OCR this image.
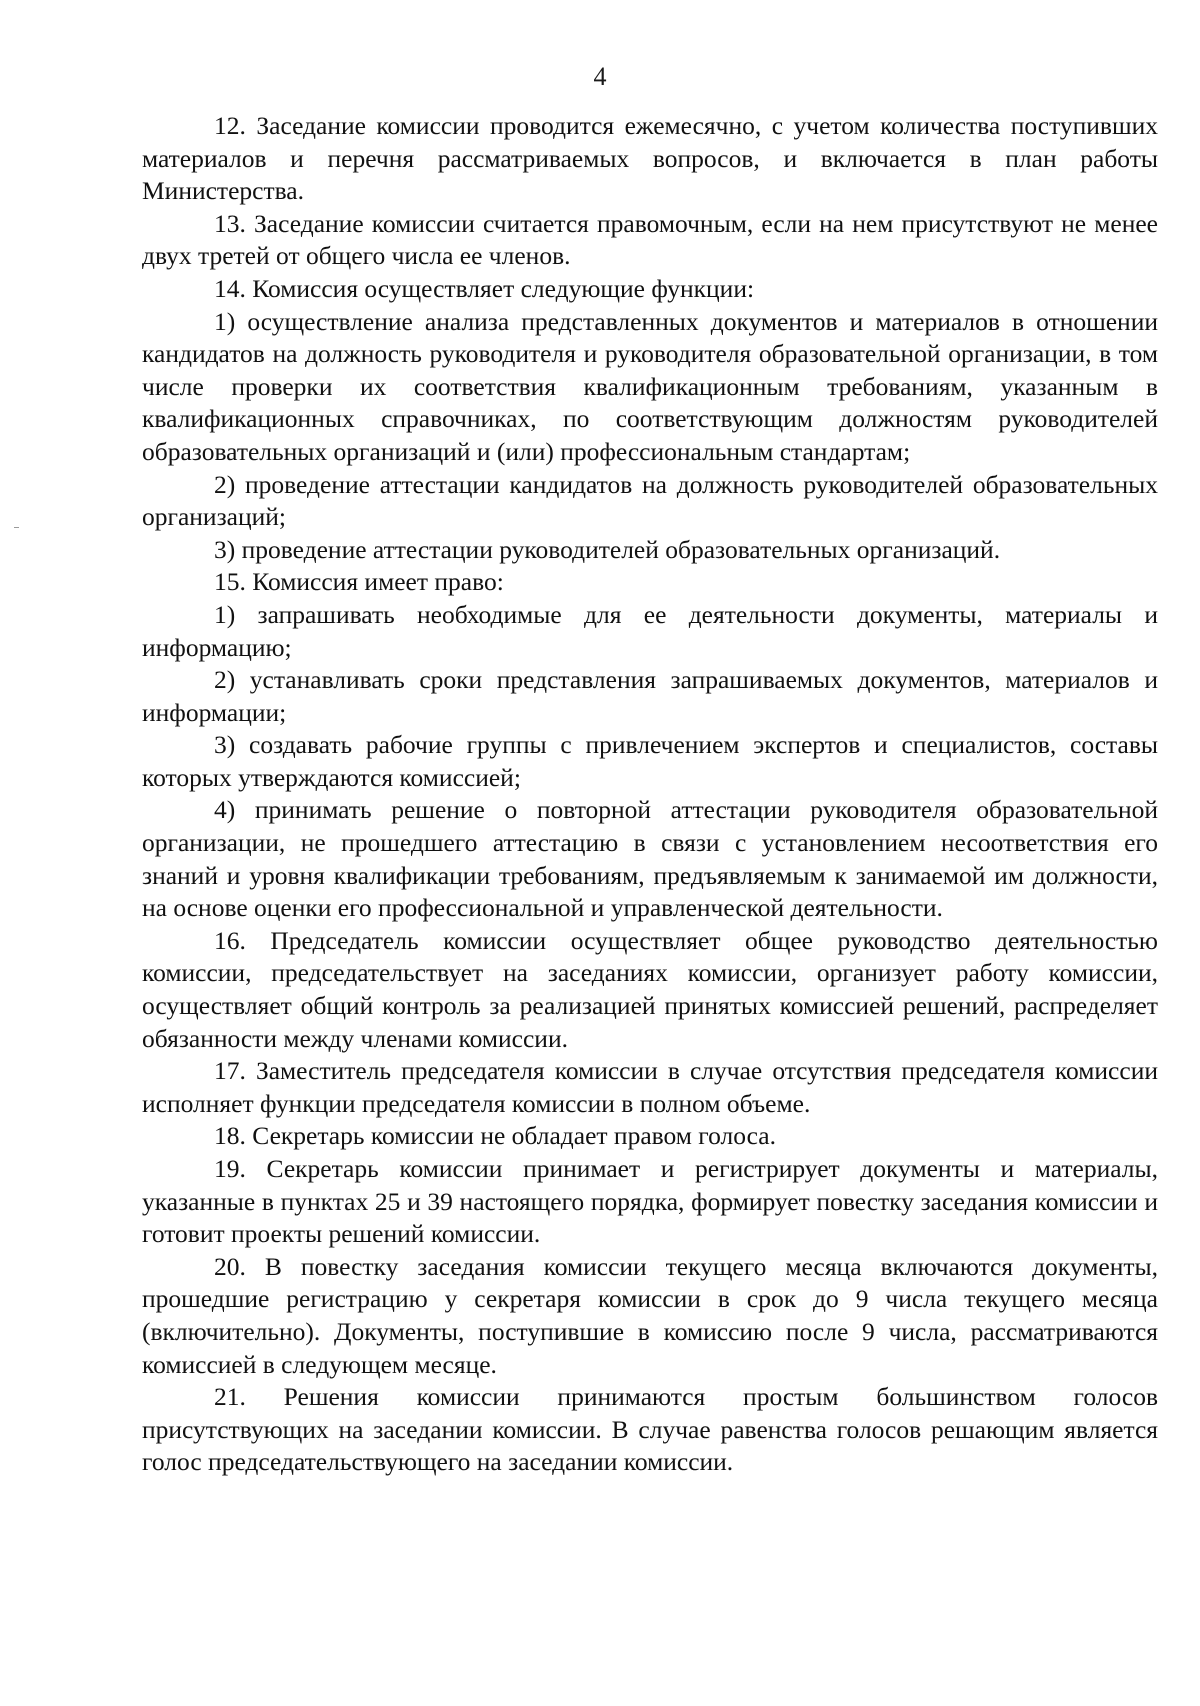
4

12. Заседание комиссии проводится ежемесячно, с учетом количества поступивших материалов и перечня рассматриваемых вопросов, и включается в план работы Министерства.

13. Заседание комиссии считается правомочным, если на нем присутствуют не менее двух третей от общего числа ее членов.

14. Комиссия осуществляет следующие функции:

1) осуществление анализа представленных документов и материалов в отношении кандидатов на должность руководителя и руководителя образовательной организации, в том числе проверки их соответствия квалификационным требованиям, указанным в квалификационных справочниках, по соответствующим должностям руководителей образовательных организаций и (или) профессиональным стандартам;

2) проведение аттестации кандидатов на должность руководителей образовательных организаций;

3) проведение аттестации руководителей образовательных организаций.

15. Комиссия имеет право:

1) запрашивать необходимые для ее деятельности документы, материалы и информацию;

2) устанавливать сроки представления запрашиваемых документов, материалов и информации;

3) создавать рабочие группы с привлечением экспертов и специалистов, составы которых утверждаются комиссией;

4) принимать решение о повторной аттестации руководителя образовательной организации, не прошедшего аттестацию в связи с установлением несоответствия его знаний и уровня квалификации требованиям, предъявляемым к занимаемой им должности, на основе оценки его профессиональной и управленческой деятельности.

16. Председатель комиссии осуществляет общее руководство деятельностью комиссии, председательствует на заседаниях комиссии, организует работу комиссии, осуществляет общий контроль за реализацией принятых комиссией решений, распределяет обязанности между членами комиссии.

17. Заместитель председателя комиссии в случае отсутствия председателя комиссии исполняет функции председателя комиссии в полном объеме.

18. Секретарь комиссии не обладает правом голоса.

19. Секретарь комиссии принимает и регистрирует документы и материалы, указанные в пунктах 25 и 39 настоящего порядка, формирует повестку заседания комиссии и готовит проекты решений комиссии.

20. В повестку заседания комиссии текущего месяца включаются документы, прошедшие регистрацию у секретаря комиссии в срок до 9 числа текущего месяца (включительно). Документы, поступившие в комиссию после 9 числа, рассматриваются комиссией в следующем месяце.

21. Решения комиссии принимаются простым большинством голосов присутствующих на заседании комиссии. В случае равенства голосов решающим является голос председательствующего на заседании комиссии.
